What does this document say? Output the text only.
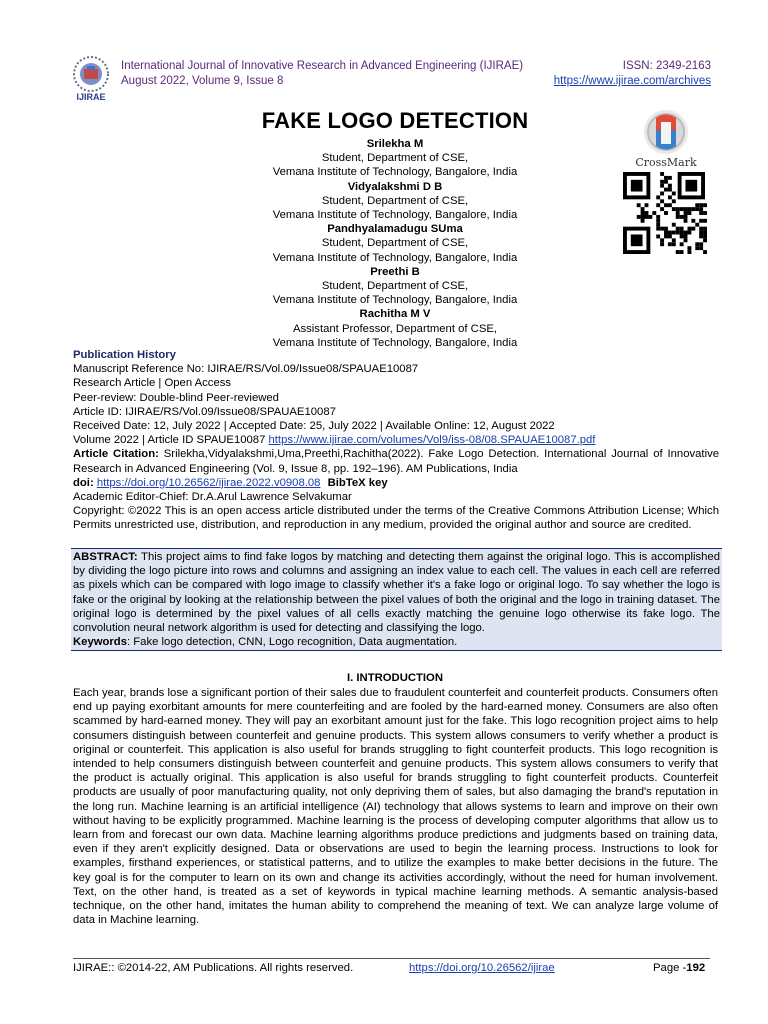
IJIRAE
International Journal of Innovative Research in Advanced Engineering (IJIRAE)
August 2022, Volume 9, Issue 8
ISSN: 2349-2163
https://www.ijirae.com/archives
FAKE LOGO DETECTION
Srilekha M
Student, Department of CSE,
Vemana Institute of Technology, Bangalore, India
Vidyalakshmi D B
Student, Department of CSE,
Vemana Institute of Technology, Bangalore, India
Pandhyalamadugu SUma
Student, Department of CSE,
Vemana Institute of Technology, Bangalore, India
Preethi B
Student, Department of CSE,
Vemana Institute of Technology, Bangalore, India
Rachitha M V
Assistant Professor, Department of CSE,
Vemana Institute of Technology, Bangalore, India
CrossMark
Publication History
Manuscript Reference No: IJIRAE/RS/Vol.09/Issue08/SPAUAE10087
Research Article | Open Access
Peer-review: Double-blind Peer-reviewed
Article ID: IJIRAE/RS/Vol.09/Issue08/SPAUAE10087
Received Date: 12, July 2022 | Accepted Date: 25, July 2022 | Available Online: 12, August 2022
Volume 2022 | Article ID SPAUE10087 https://www.ijirae.com/volumes/Vol9/iss-08/08.SPAUAE10087.pdf
Article Citation: Srilekha,Vidyalakshmi,Uma,Preethi,Rachitha(2022). Fake Logo Detection. International Journal of Innovative Research in Advanced Engineering (Vol. 9, Issue 8, pp. 192–196). AM Publications, India
doi: https://doi.org/10.26562/ijirae.2022.v0908.08 BibTeX key
Academic Editor-Chief: Dr.A.Arul Lawrence Selvakumar
Copyright: ©2022 This is an open access article distributed under the terms of the Creative Commons Attribution License; Which Permits unrestricted use, distribution, and reproduction in any medium, provided the original author and source are credited.
ABSTRACT: This project aims to find fake logos by matching and detecting them against the original logo. This is accomplished by dividing the logo picture into rows and columns and assigning an index value to each cell. The values in each cell are referred as pixels which can be compared with logo image to classify whether it's a fake logo or original logo. To say whether the logo is fake or the original by looking at the relationship between the pixel values of both the original and the logo in training dataset. The original logo is determined by the pixel values of all cells exactly matching the genuine logo otherwise its fake logo. The convolution neural network algorithm is used for detecting and classifying the logo.
Keywords: Fake logo detection, CNN, Logo recognition, Data augmentation.
I. INTRODUCTION
Each year, brands lose a significant portion of their sales due to fraudulent counterfeit and counterfeit products. Consumers often end up paying exorbitant amounts for mere counterfeiting and are fooled by the hard-earned money. Consumers are also often scammed by hard-earned money. They will pay an exorbitant amount just for the fake. This logo recognition project aims to help consumers distinguish between counterfeit and genuine products. This system allows consumers to verify whether a product is original or counterfeit. This application is also useful for brands struggling to fight counterfeit products. This logo recognition is intended to help consumers distinguish between counterfeit and genuine products. This system allows consumers to verify that the product is actually original. This application is also useful for brands struggling to fight counterfeit products. Counterfeit products are usually of poor manufacturing quality, not only depriving them of sales, but also damaging the brand's reputation in the long run. Machine learning is an artificial intelligence (AI) technology that allows systems to learn and improve on their own without having to be explicitly programmed. Machine learning is the process of developing computer algorithms that allow us to learn from and forecast our own data. Machine learning algorithms produce predictions and judgments based on training data, even if they aren't explicitly designed. Data or observations are used to begin the learning process. Instructions to look for examples, firsthand experiences, or statistical patterns, and to utilize the examples to make better decisions in the future. The key goal is for the computer to learn on its own and change its activities accordingly, without the need for human involvement. Text, on the other hand, is treated as a set of keywords in typical machine learning methods. A semantic analysis-based technique, on the other hand, imitates the human ability to comprehend the meaning of text. We can analyze large volume of data in Machine learning.
IJIRAE:: ©2014-22, AM Publications. All rights reserved.	https://doi.org/10.26562/ijirae	Page -192
